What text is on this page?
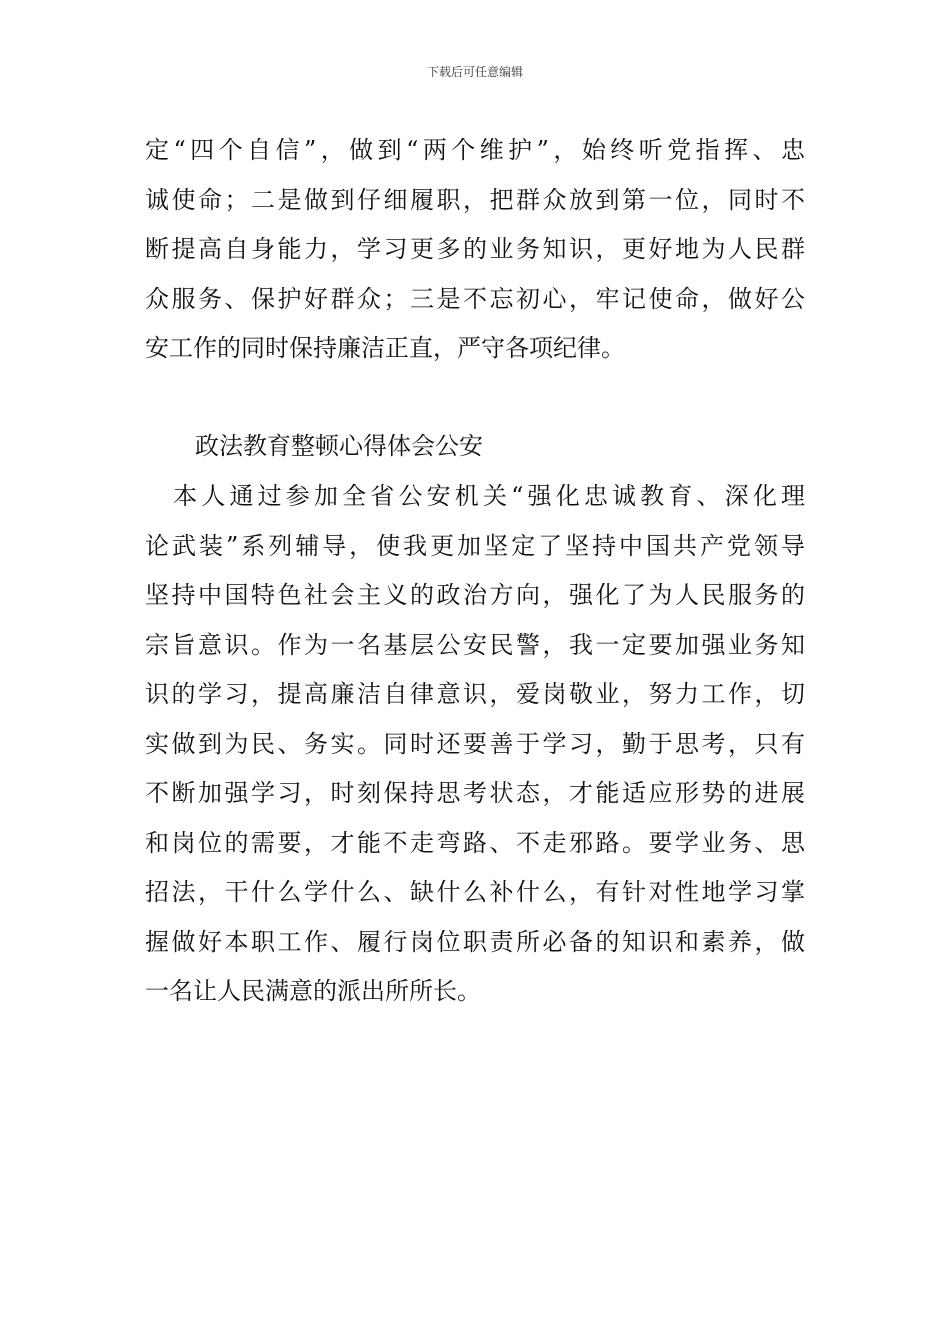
下载后可任意编辑
定“四个自信”，做到“两个维护”，始终听党指挥、忠
诚使命；二是做到仔细履职，把群众放到第一位，同时不
断提高自身能力，学习更多的业务知识，更好地为人民群
众服务、保护好群众；三是不忘初心，牢记使命，做好公
安工作的同时保持廉洁正直，严守各项纪律。
政法教育整顿心得体会公安
　本人通过参加全省公安机关“强化忠诚教育、深化理
论武装”系列辅导，使我更加坚定了坚持中国共产党领导
坚持中国特色社会主义的政治方向，强化了为人民服务的
宗旨意识。作为一名基层公安民警，我一定要加强业务知
识的学习，提高廉洁自律意识，爱岗敬业，努力工作，切
实做到为民、务实。同时还要善于学习，勤于思考，只有
不断加强学习，时刻保持思考状态，才能适应形势的进展
和岗位的需要，才能不走弯路、不走邪路。要学业务、思
招法，干什么学什么、缺什么补什么，有针对性地学习掌
握做好本职工作、履行岗位职责所必备的知识和素养，做
一名让人民满意的派出所所长。
